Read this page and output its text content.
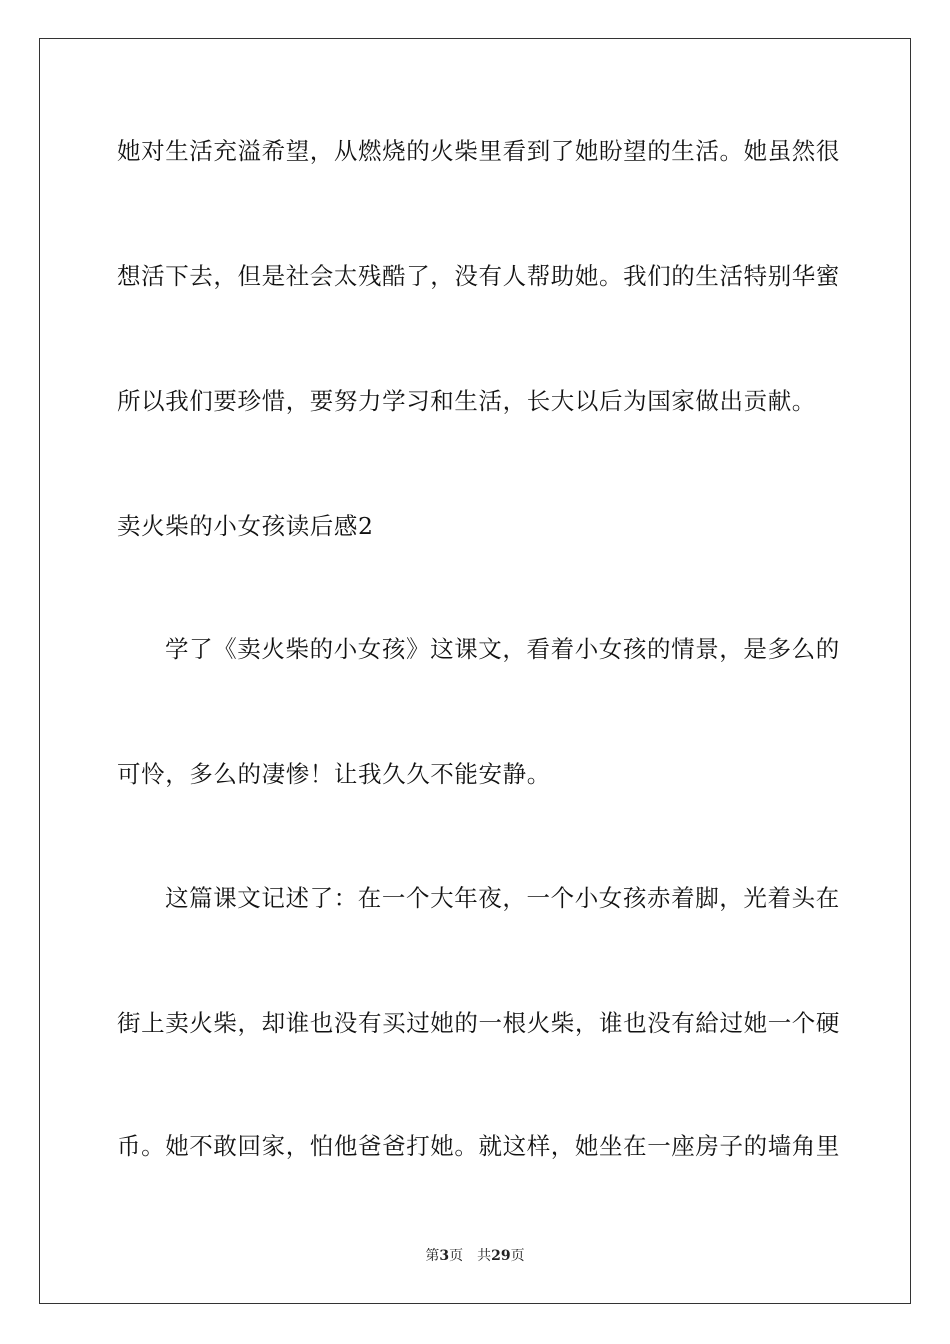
她对生活充溢希望，从燃烧的火柴里看到了她盼望的生活。她虽然很
想活下去，但是社会太残酷了，没有人帮助她。我们的生活特别华蜜
所以我们要珍惜，要努力学习和生活，长大以后为国家做出贡献。
卖火柴的小女孩读后感2
学了《卖火柴的小女孩》这课文，看着小女孩的情景，是多么的
可怜，多么的凄惨！让我久久不能安静。
这篇课文记述了：在一个大年夜，一个小女孩赤着脚，光着头在
街上卖火柴，却谁也没有买过她的一根火柴，谁也没有給过她一个硬
币。她不敢回家，怕他爸爸打她。就这样，她坐在一座房子的墙角里
第3页 共29页
